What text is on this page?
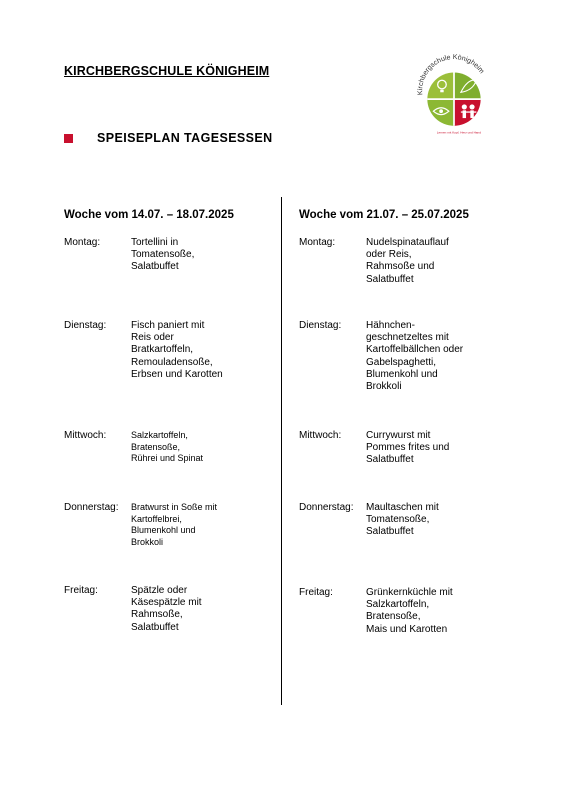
KIRCHBERGSCHULE KÖNIGHEIM
Kirchbergschule Königheim
Lernen mit Kopf, Herz und Hand
SPEISEPLAN TAGESESSEN

Woche vom 14.07. – 18.07.2025

Montag:	Tortellini in
Tomatensoße,
Salatbuffet
Dienstag:	Fisch paniert mit
Reis oder
Bratkartoffeln,
Remouladensoße,
Erbsen und Karotten
Mittwoch:	Salzkartoffeln,
Bratensoße,
Rührei und Spinat
Donnerstag:	Bratwurst in Soße mit
Kartoffelbrei,
Blumenkohl und
Brokkoli
Freitag:	Spätzle oder
Käsespätzle mit
Rahmsoße,
Salatbuffet

Woche vom 21.07. – 25.07.2025

Montag:	Nudelspinatauflauf
oder Reis,
Rahmsoße und
Salatbuffet
Dienstag:	Hähnchen-
geschnetzeltes mit
Kartoffelbällchen oder
Gabelspaghetti,
Blumenkohl und
Brokkoli
Mittwoch:	Currywurst mit
Pommes frites und
Salatbuffet
Donnerstag:	Maultaschen mit
Tomatensoße,
Salatbuffet
Freitag:	Grünkernküchle mit
Salzkartoffeln,
Bratensoße,
Mais und Karotten
